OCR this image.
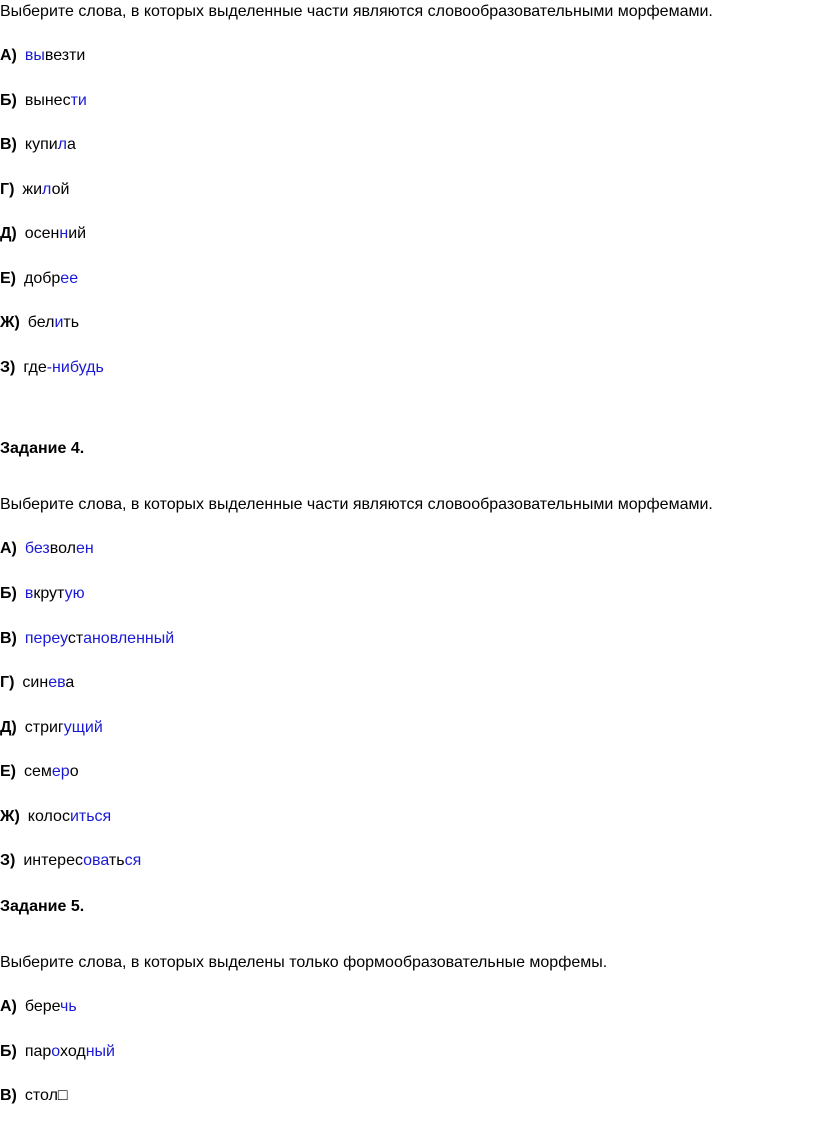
Выберите слова, в которых выделенные части являются словообразовательными морфемами.
А) вывезти
Б) вынести
В) купила
Г) жилой
Д) осенний
Е) добрее
Ж) белить
З) где-нибудь
Задание 4.
Выберите слова, в которых выделенные части являются словообразовательными морфемами.
А) безволен
Б) вкрутую
В) переустановленный
Г) синева
Д) стригущий
Е) семеро
Ж) колоситься
З) интересоваться
Задание 5.
Выберите слова, в которых выделены только формообразовательные морфемы.
А) беречь
Б) пароходный
В) стол□
